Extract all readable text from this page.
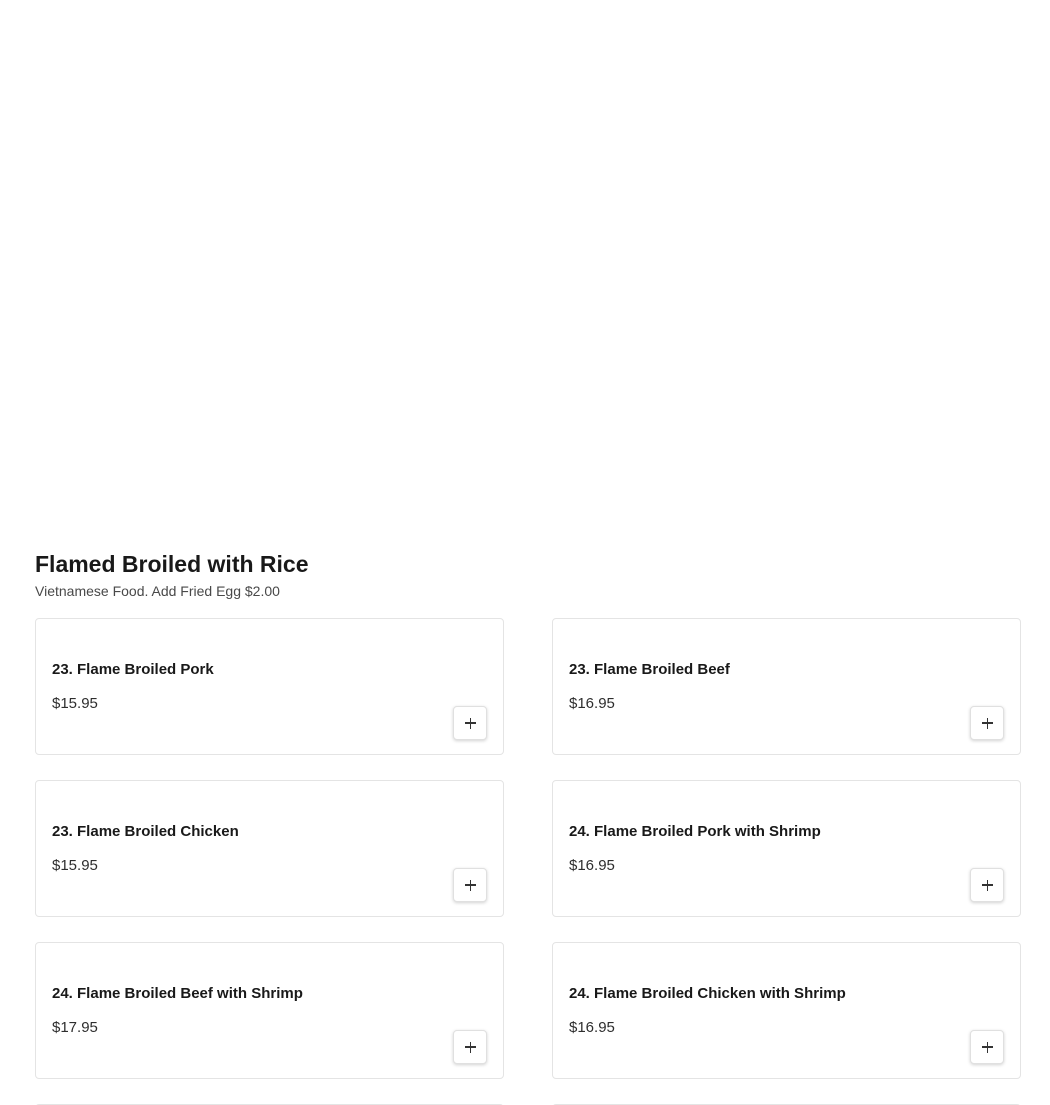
Flamed Broiled with Rice

Vietnamese Food. Add Fried Egg $2.00

23. Flame Broiled Pork
$15.95
23. Flame Broiled Beef
$16.95
23. Flame Broiled Chicken
$15.95
24. Flame Broiled Pork with Shrimp
$16.95
24. Flame Broiled Beef with Shrimp
$17.95
24. Flame Broiled Chicken with Shrimp
$16.95
